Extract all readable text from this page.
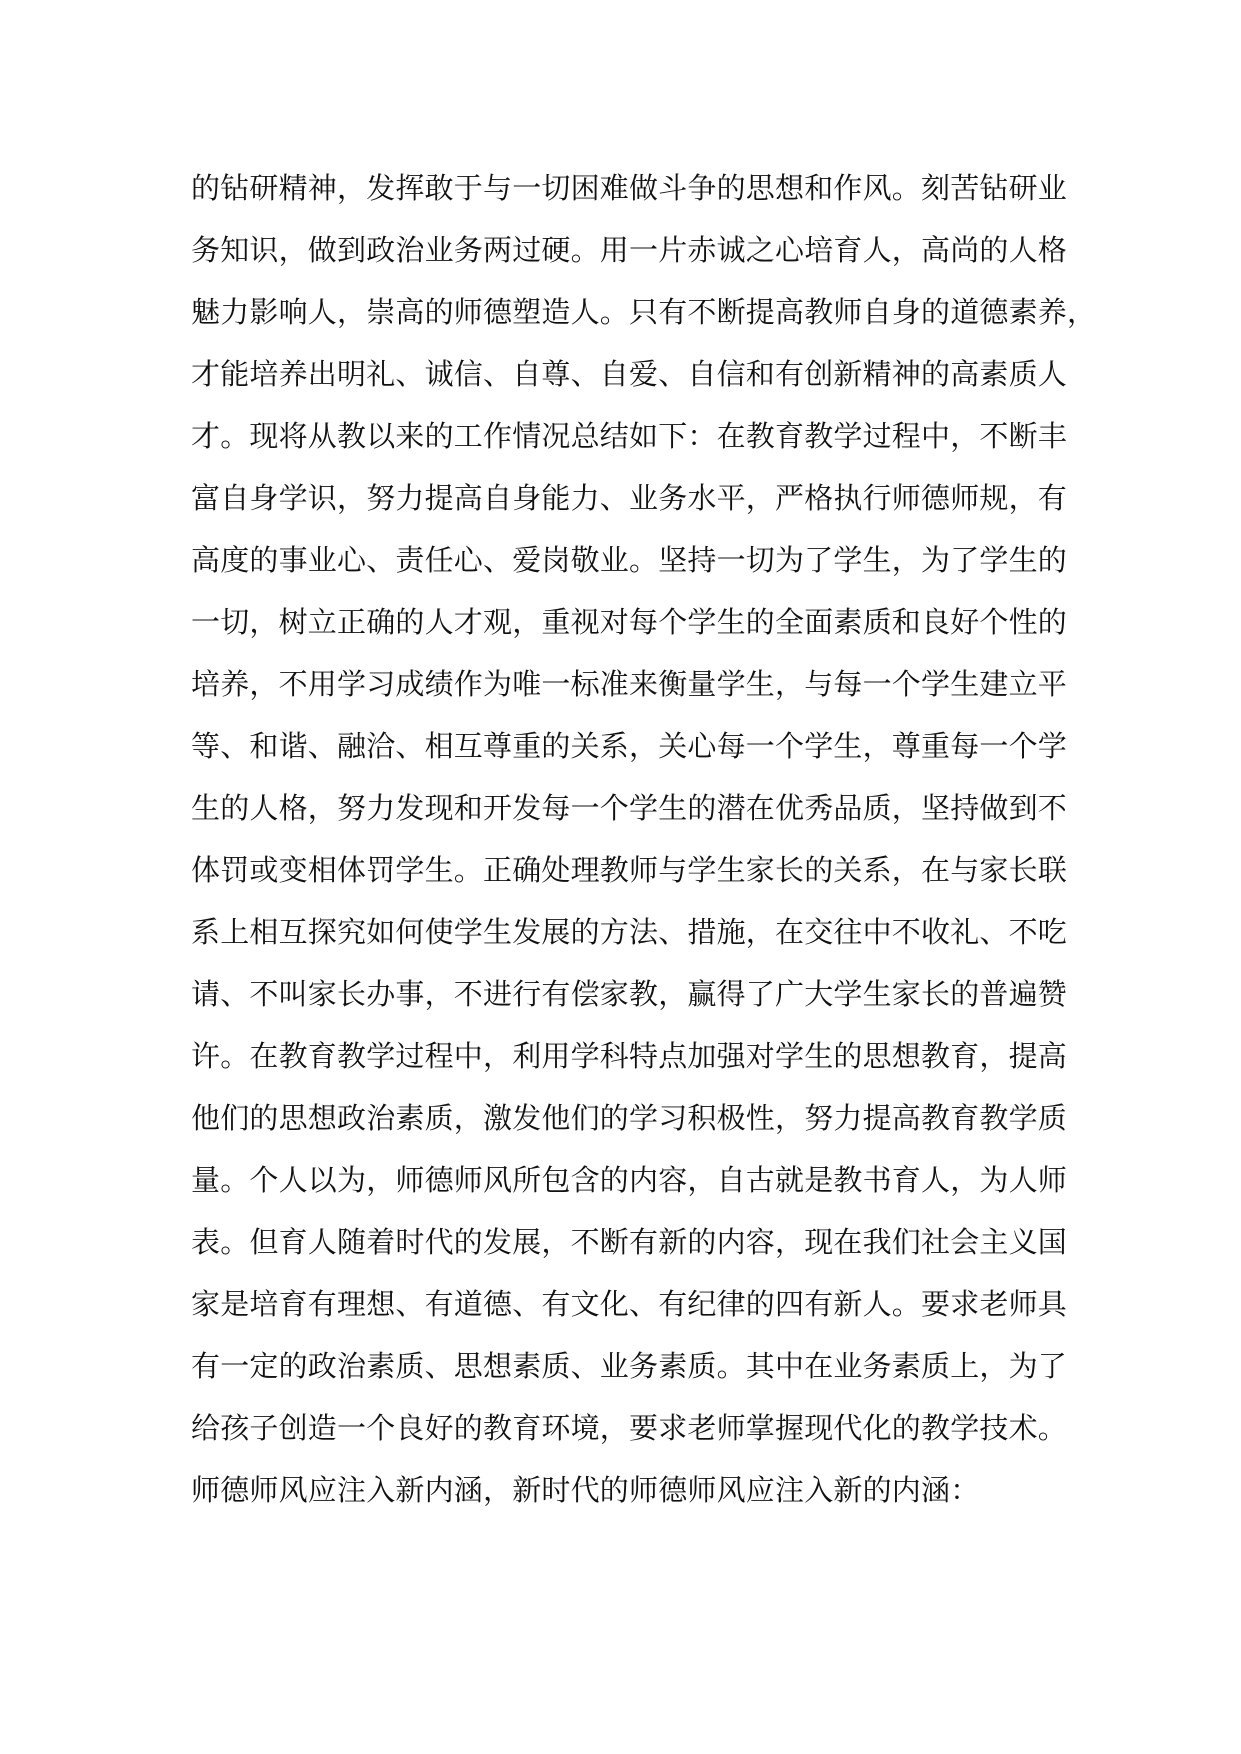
的钻研精神，发挥敢于与一切困难做斗争的思想和作风。刻苦钻研业
务知识，做到政治业务两过硬。用一片赤诚之心培育人，高尚的人格
魅力影响人，崇高的师德塑造人。只有不断提高教师自身的道德素养，
才能培养出明礼、诚信、自尊、自爱、自信和有创新精神的高素质人
才。现将从教以来的工作情况总结如下：在教育教学过程中，不断丰
富自身学识，努力提高自身能力、业务水平，严格执行师德师规，有
高度的事业心、责任心、爱岗敬业。坚持一切为了学生，为了学生的
一切，树立正确的人才观，重视对每个学生的全面素质和良好个性的
培养，不用学习成绩作为唯一标准来衡量学生，与每一个学生建立平
等、和谐、融洽、相互尊重的关系，关心每一个学生，尊重每一个学
生的人格，努力发现和开发每一个学生的潜在优秀品质，坚持做到不
体罚或变相体罚学生。正确处理教师与学生家长的关系，在与家长联
系上相互探究如何使学生发展的方法、措施，在交往中不收礼、不吃
请、不叫家长办事，不进行有偿家教，赢得了广大学生家长的普遍赞
许。在教育教学过程中，利用学科特点加强对学生的思想教育，提高
他们的思想政治素质，激发他们的学习积极性，努力提高教育教学质
量。个人以为，师德师风所包含的内容，自古就是教书育人，为人师
表。但育人随着时代的发展，不断有新的内容，现在我们社会主义国
家是培育有理想、有道德、有文化、有纪律的四有新人。要求老师具
有一定的政治素质、思想素质、业务素质。其中在业务素质上，为了
给孩子创造一个良好的教育环境，要求老师掌握现代化的教学技术。
师德师风应注入新内涵，新时代的师德师风应注入新的内涵：
